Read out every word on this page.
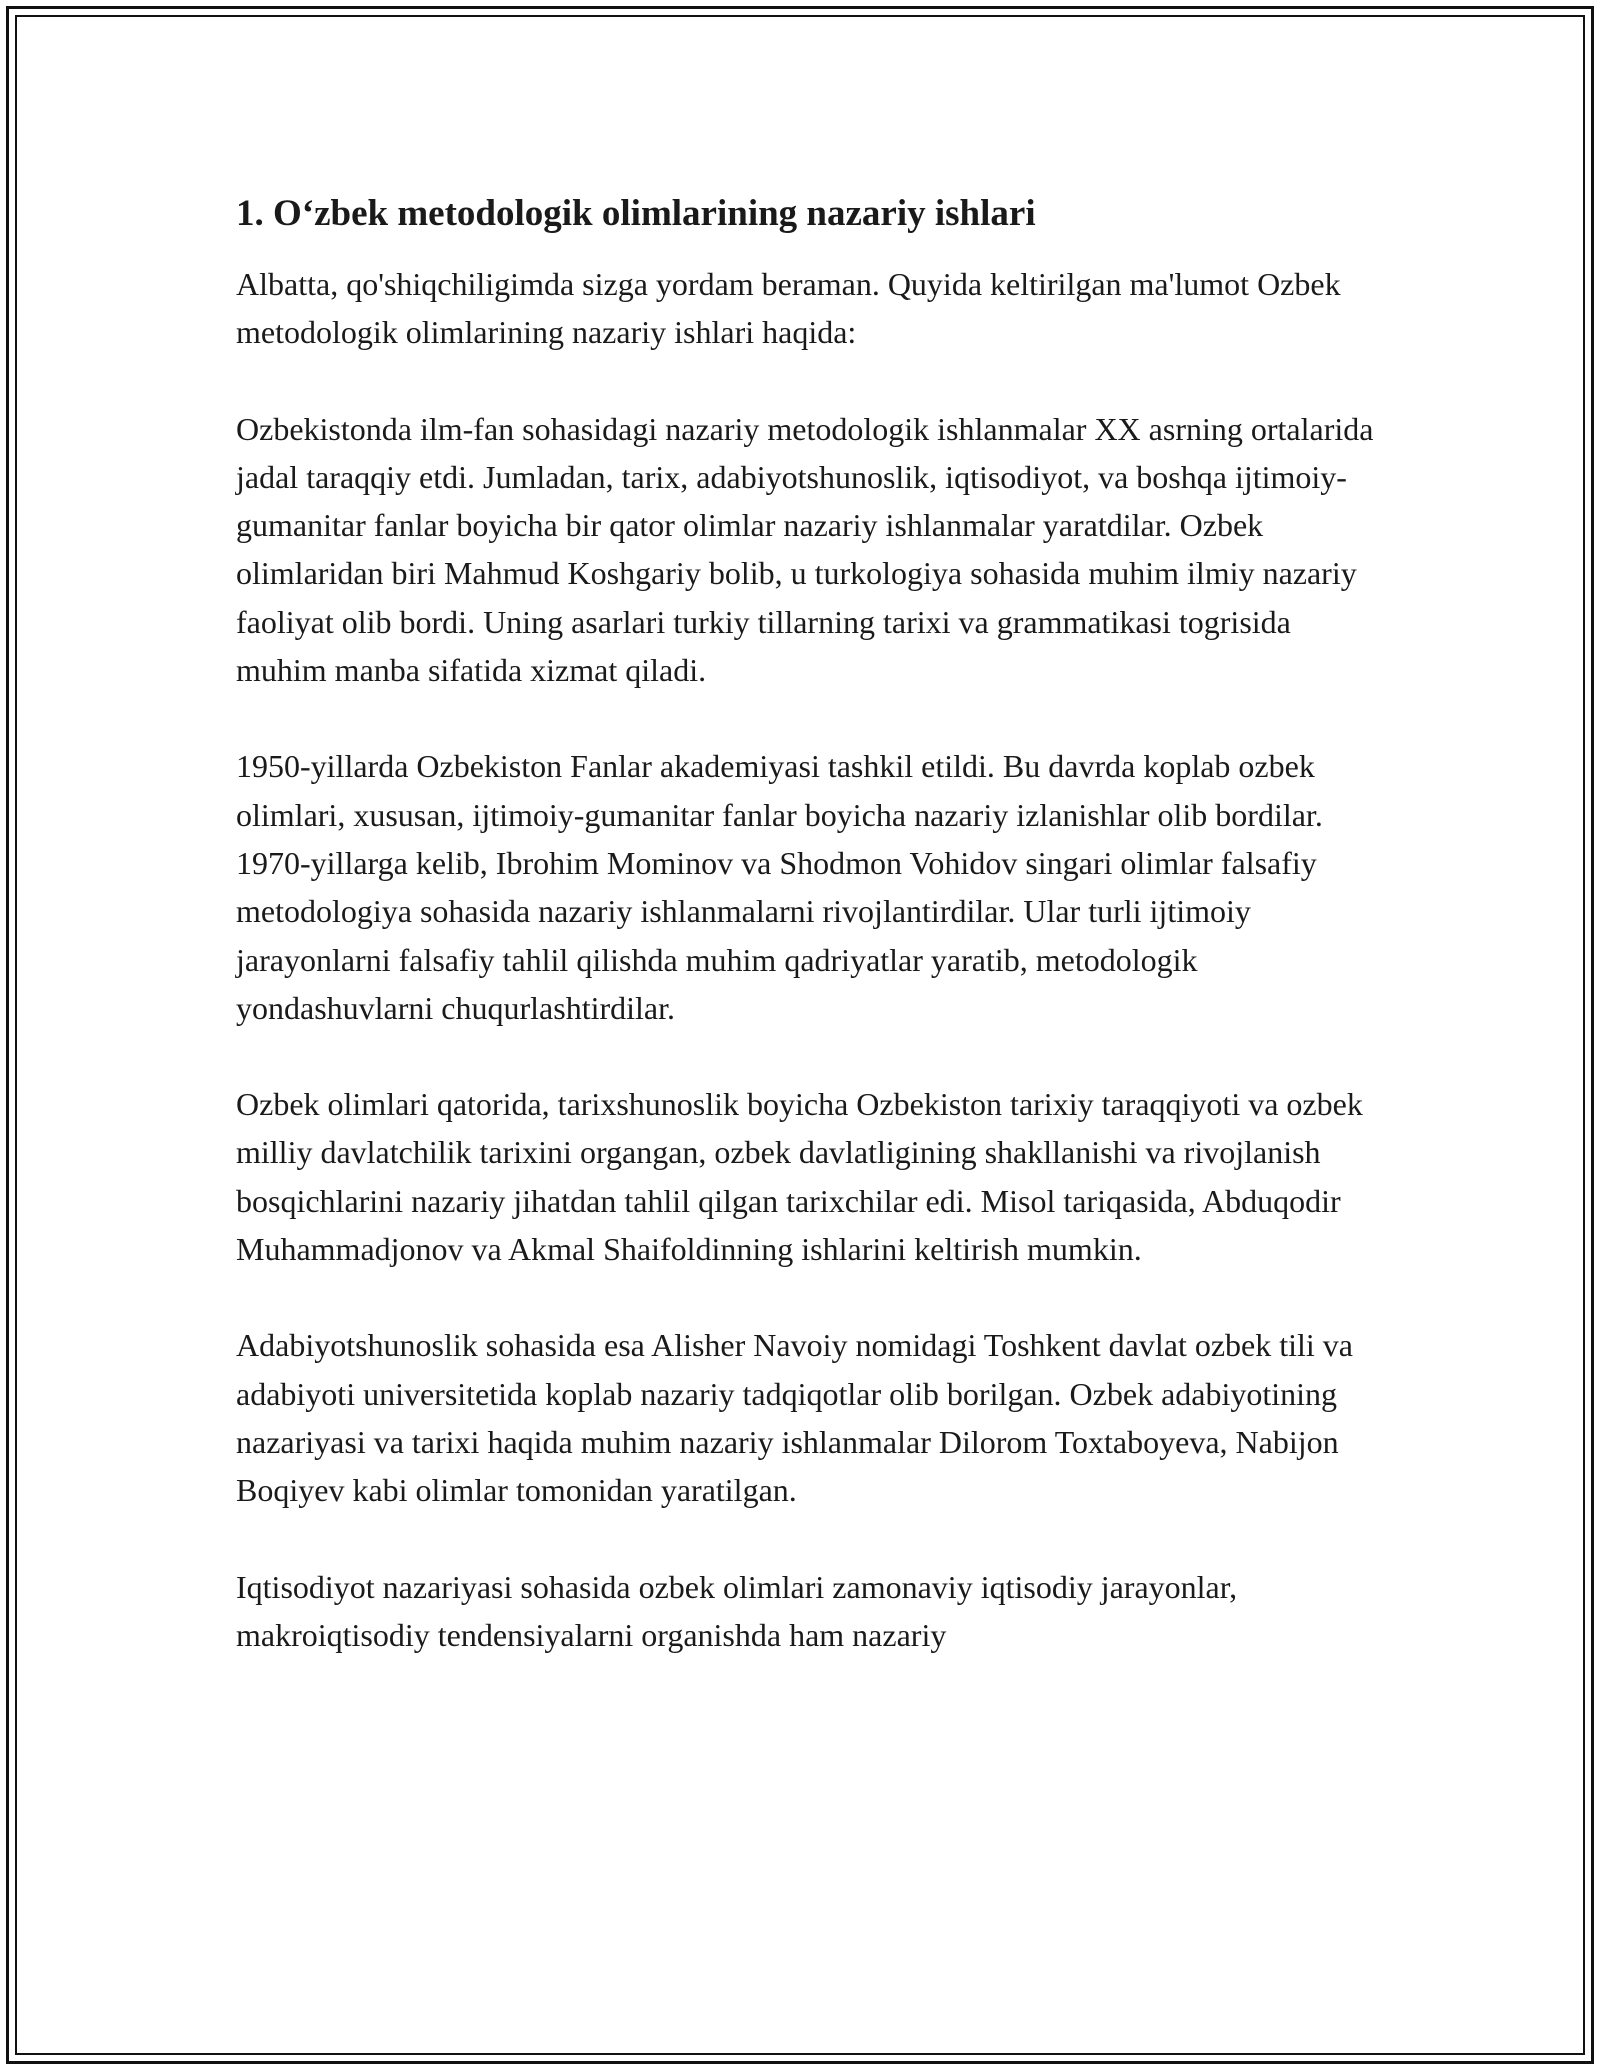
1. O‘zbek metodologik olimlarining nazariy ishlari

Albatta, qo'shiqchiligimda sizga yordam beraman. Quyida keltirilgan ma'lumot Ozbek metodologik olimlarining nazariy ishlari haqida:

Ozbekistonda ilm-fan sohasidagi nazariy metodologik ishlanmalar XX asrning ortalarida jadal taraqqiy etdi. Jumladan, tarix, adabiyotshunoslik, iqtisodiyot, va boshqa ijtimoiy-gumanitar fanlar boyicha bir qator olimlar nazariy ishlanmalar yaratdilar. Ozbek olimlaridan biri Mahmud Koshgariy bolib, u turkologiya sohasida muhim ilmiy nazariy faoliyat olib bordi. Uning asarlari turkiy tillarning tarixi va grammatikasi togrisida muhim manba sifatida xizmat qiladi.

1950-yillarda Ozbekiston Fanlar akademiyasi tashkil etildi. Bu davrda koplab ozbek olimlari, xususan, ijtimoiy-gumanitar fanlar boyicha nazariy izlanishlar olib bordilar. 1970-yillarga kelib, Ibrohim Mominov va Shodmon Vohidov singari olimlar falsafiy metodologiya sohasida nazariy ishlanmalarni rivojlantirdilar. Ular turli ijtimoiy jarayonlarni falsafiy tahlil qilishda muhim qadriyatlar yaratib, metodologik yondashuvlarni chuqurlashtirdilar.

Ozbek olimlari qatorida, tarixshunoslik boyicha Ozbekiston tarixiy taraqqiyoti va ozbek milliy davlatchilik tarixini organgan, ozbek davlatligining shakllanishi va rivojlanish bosqichlarini nazariy jihatdan tahlil qilgan tarixchilar edi. Misol tariqasida, Abduqodir Muhammadjonov va Akmal Shaifoldinning ishlarini keltirish mumkin.

Adabiyotshunoslik sohasida esa Alisher Navoiy nomidagi Toshkent davlat ozbek tili va adabiyoti universitetida koplab nazariy tadqiqotlar olib borilgan. Ozbek adabiyotining nazariyasi va tarixi haqida muhim nazariy ishlanmalar Dilorom Toxtaboyeva, Nabijon Boqiyev kabi olimlar tomonidan yaratilgan.

Iqtisodiyot nazariyasi sohasida ozbek olimlari zamonaviy iqtisodiy jarayonlar, makroiqtisodiy tendensiyalarni organishda ham nazariy
